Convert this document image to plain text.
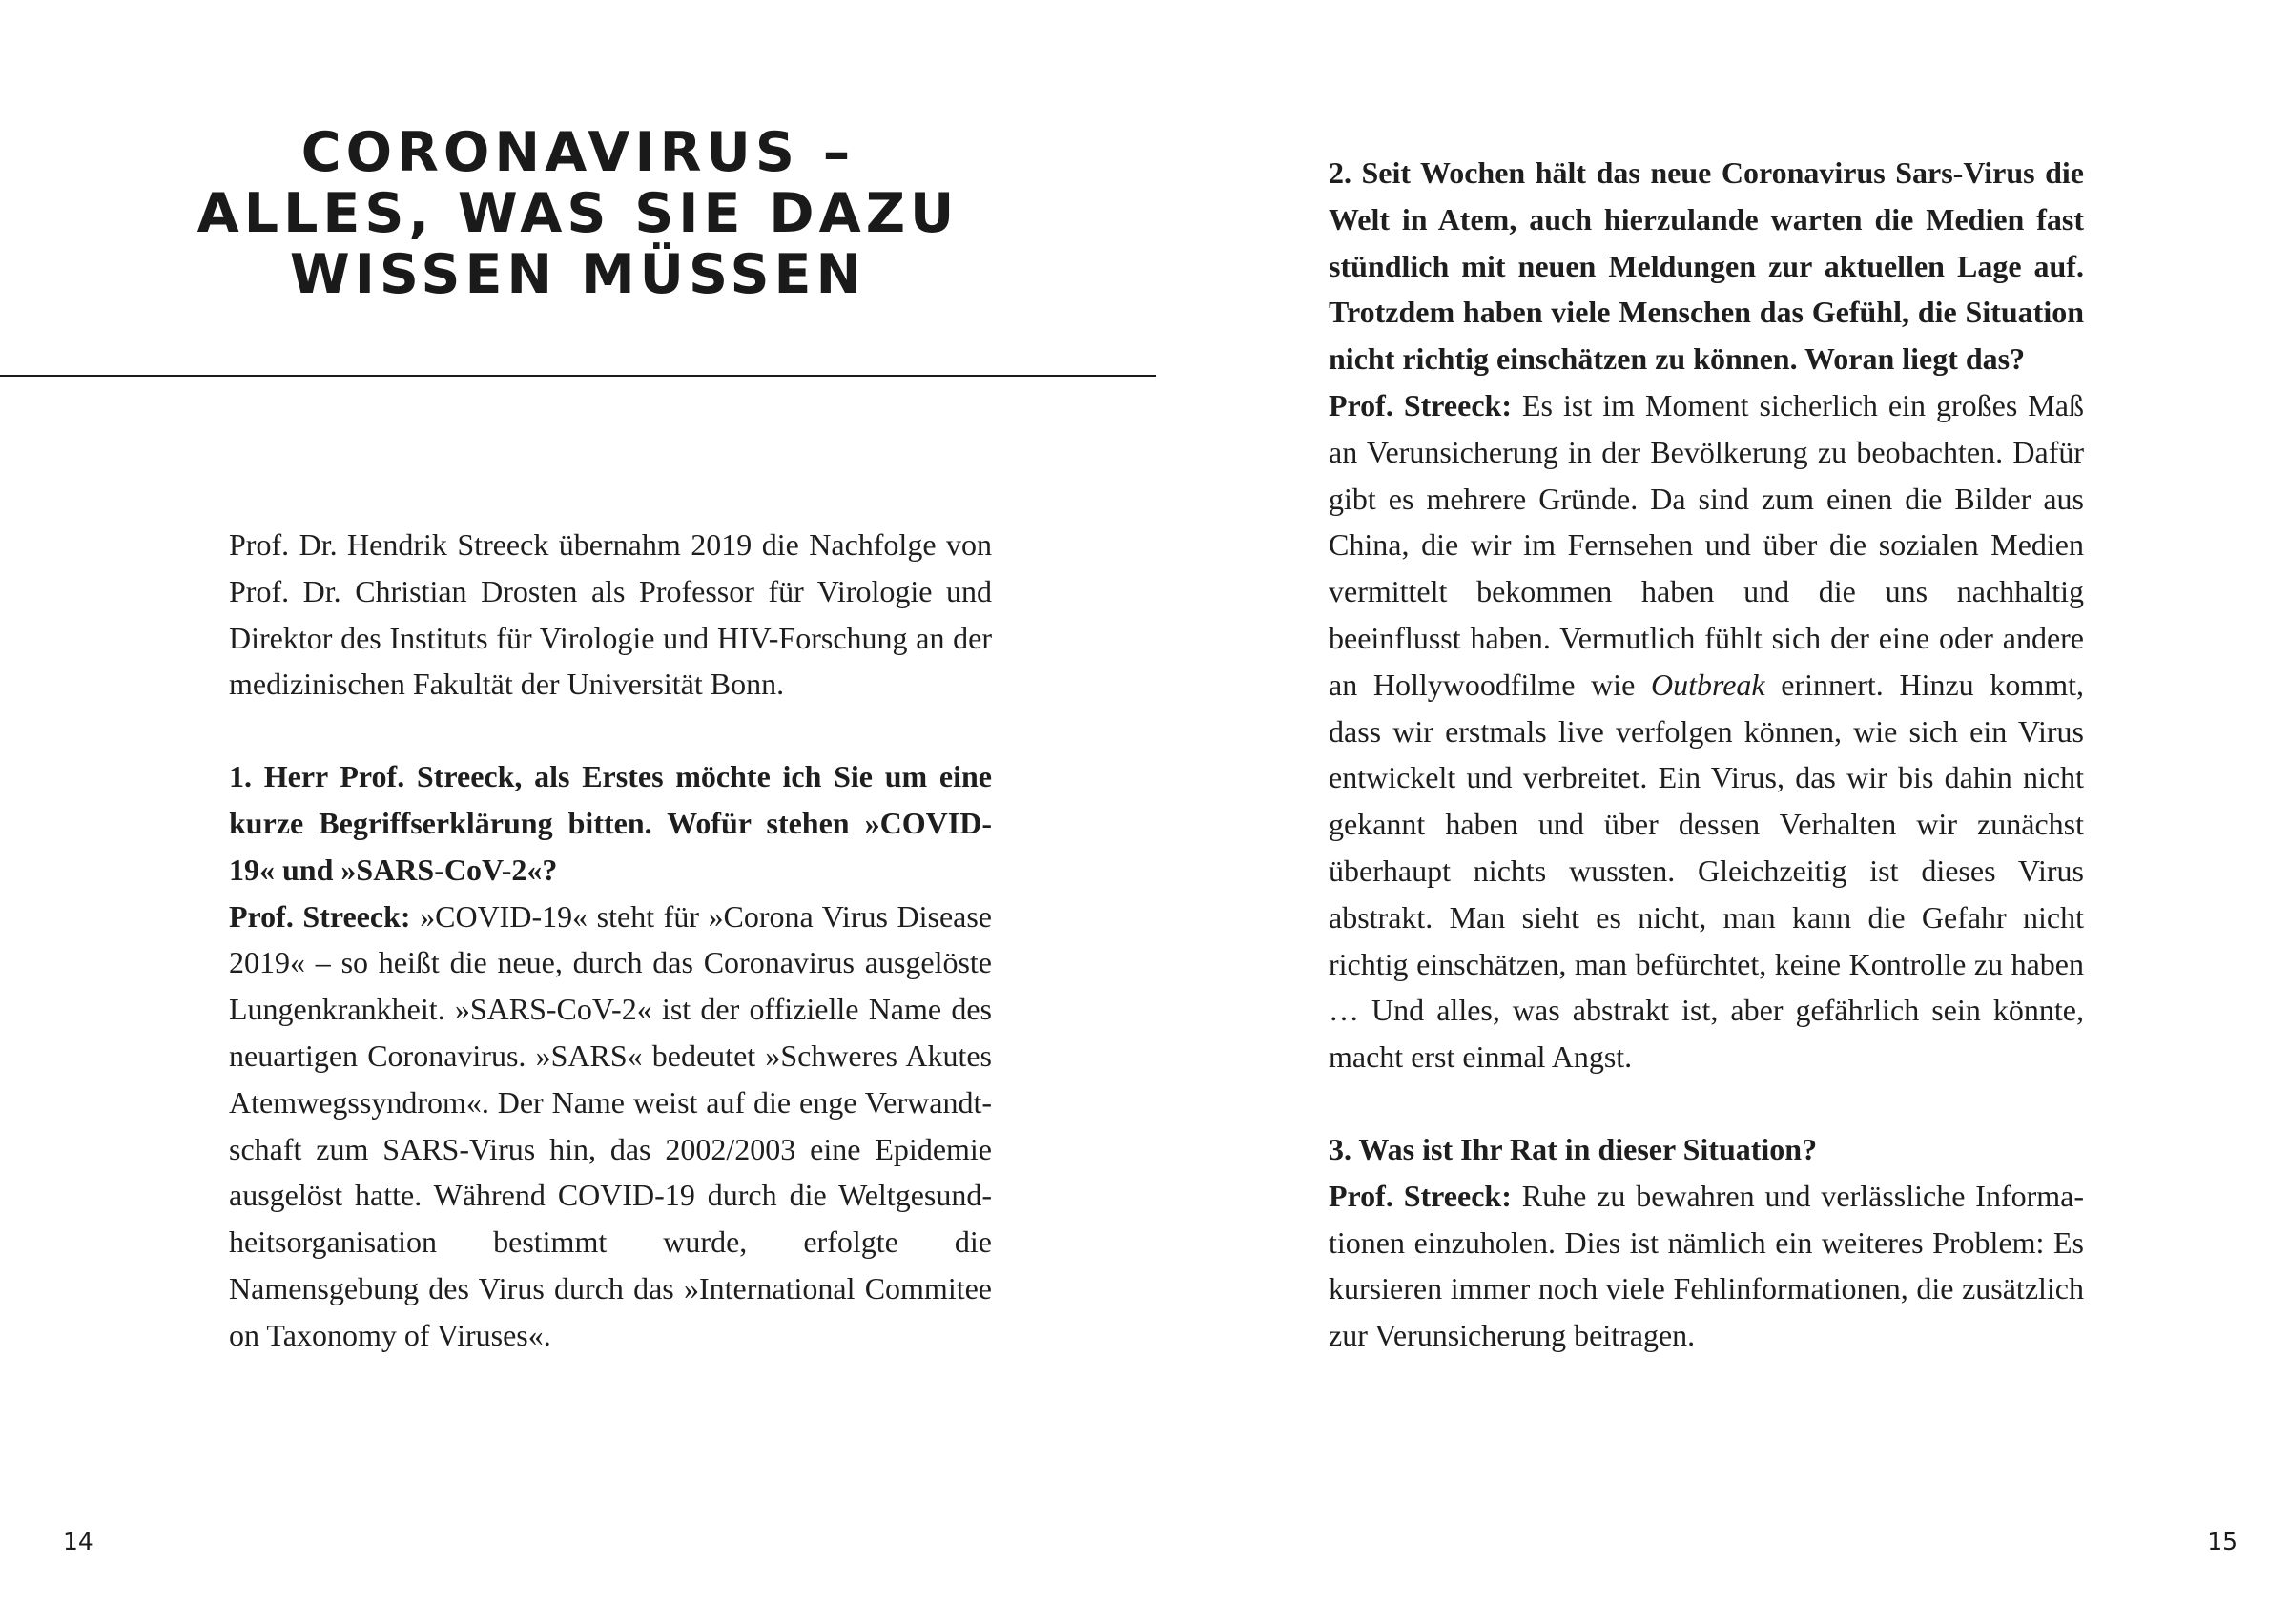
CORONAVIRUS –
ALLES, WAS SIE DAZU
WISSEN MÜSSEN

Prof. Dr. Hendrik Streeck übernahm 2019 die Nachfolge von Prof. Dr. Christian Drosten als Professor für Virologie und Direktor des Instituts für Virologie und HIV-Forschung an der medizinischen Fakultät der Universität Bonn.

1. Herr Prof. Streeck, als Erstes möchte ich Sie um eine kurze Begriffserklärung bitten. Wofür stehen »COVID-19« und »SARS-CoV-2«?

Prof. Streeck: »COVID-19« steht für »Corona Virus Disease 2019« – so heißt die neue, durch das Coronavirus ausgelöste Lungenkrankheit. »SARS-CoV-2« ist der offizielle Name des neuartigen Coronavirus. »SARS« bedeutet »Schweres Akutes Atemwegssyndrom«. Der Name weist auf die enge Verwandtschaft zum SARS-Virus hin, das 2002/2003 eine Epidemie ausgelöst hatte. Während COVID-19 durch die Weltgesundheitsorganisation bestimmt wurde, erfolgte die Namensgebung des Virus durch das »International Commitee on Taxonomy of Viruses«.

2. Seit Wochen hält das neue Coronavirus Sars-Virus die Welt in Atem, auch hierzulande warten die Medien fast stündlich mit neuen Meldungen zur aktuellen Lage auf. Trotzdem haben viele Menschen das Gefühl, die Situation nicht richtig einschätzen zu können. Woran liegt das?

Prof. Streeck: Es ist im Moment sicherlich ein großes Maß an Verunsicherung in der Bevölkerung zu beobachten. Dafür gibt es mehrere Gründe. Da sind zum einen die Bilder aus China, die wir im Fernsehen und über die sozialen Medien vermittelt bekommen haben und die uns nachhaltig beeinflusst haben. Vermutlich fühlt sich der eine oder andere an Hollywoodfilme wie Outbreak erinnert. Hinzu kommt, dass wir erstmals live verfolgen können, wie sich ein Virus entwickelt und verbreitet. Ein Virus, das wir bis dahin nicht gekannt haben und über dessen Verhalten wir zunächst überhaupt nichts wussten. Gleichzeitig ist dieses Virus abstrakt. Man sieht es nicht, man kann die Gefahr nicht richtig einschätzen, man befürchtet, keine Kontrolle zu haben … Und alles, was abstrakt ist, aber gefährlich sein könnte, macht erst einmal Angst.

3. Was ist Ihr Rat in dieser Situation?

Prof. Streeck: Ruhe zu bewahren und verlässliche Informationen einzuholen. Dies ist nämlich ein weiteres Problem: Es kursieren immer noch viele Fehlinformationen, die zusätzlich zur Verunsicherung beitragen.

14	15
